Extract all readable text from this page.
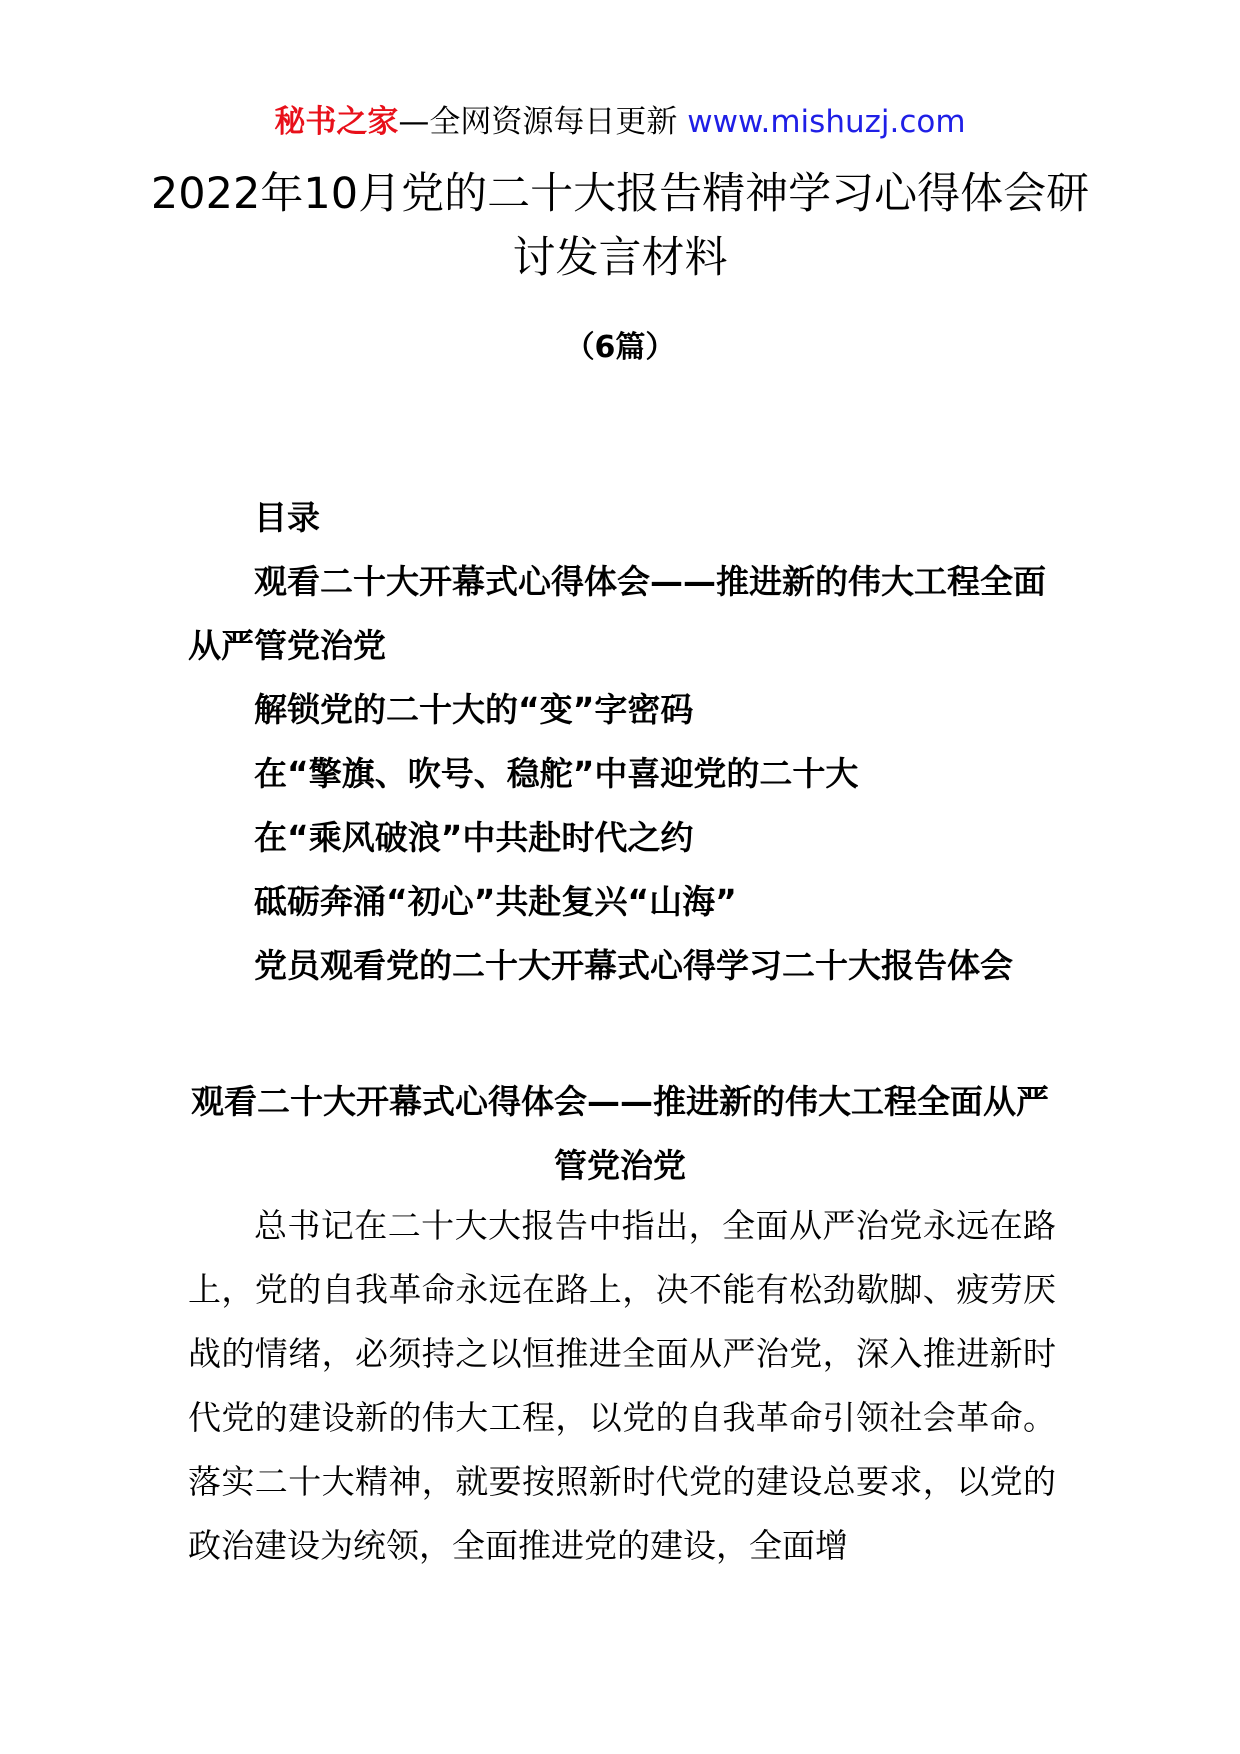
秘书之家—全网资源每日更新 www.mishuzj.com
2022年10月党的二十大报告精神学习心得体会研讨发言材料
（6篇）
目录
观看二十大开幕式心得体会——推进新的伟大工程全面从严管党治党
解锁党的二十大的“变”字密码
在“擎旗、吹号、稳舵”中喜迎党的二十大
在“乘风破浪”中共赴时代之约
砥砺奔涌“初心”共赴复兴“山海”
党员观看党的二十大开幕式心得学习二十大报告体会
观看二十大开幕式心得体会——推进新的伟大工程全面从严管党治党

总书记在二十大大报告中指出，全面从严治党永远在路上，党的自我革命永远在路上，决不能有松劲歇脚、疲劳厌战的情绪，必须持之以恒推进全面从严治党，深入推进新时代党的建设新的伟大工程，以党的自我革命引领社会革命。落实二十大精神，就要按照新时代党的建设总要求，以党的政治建设为统领，全面推进党的建设，全面增
